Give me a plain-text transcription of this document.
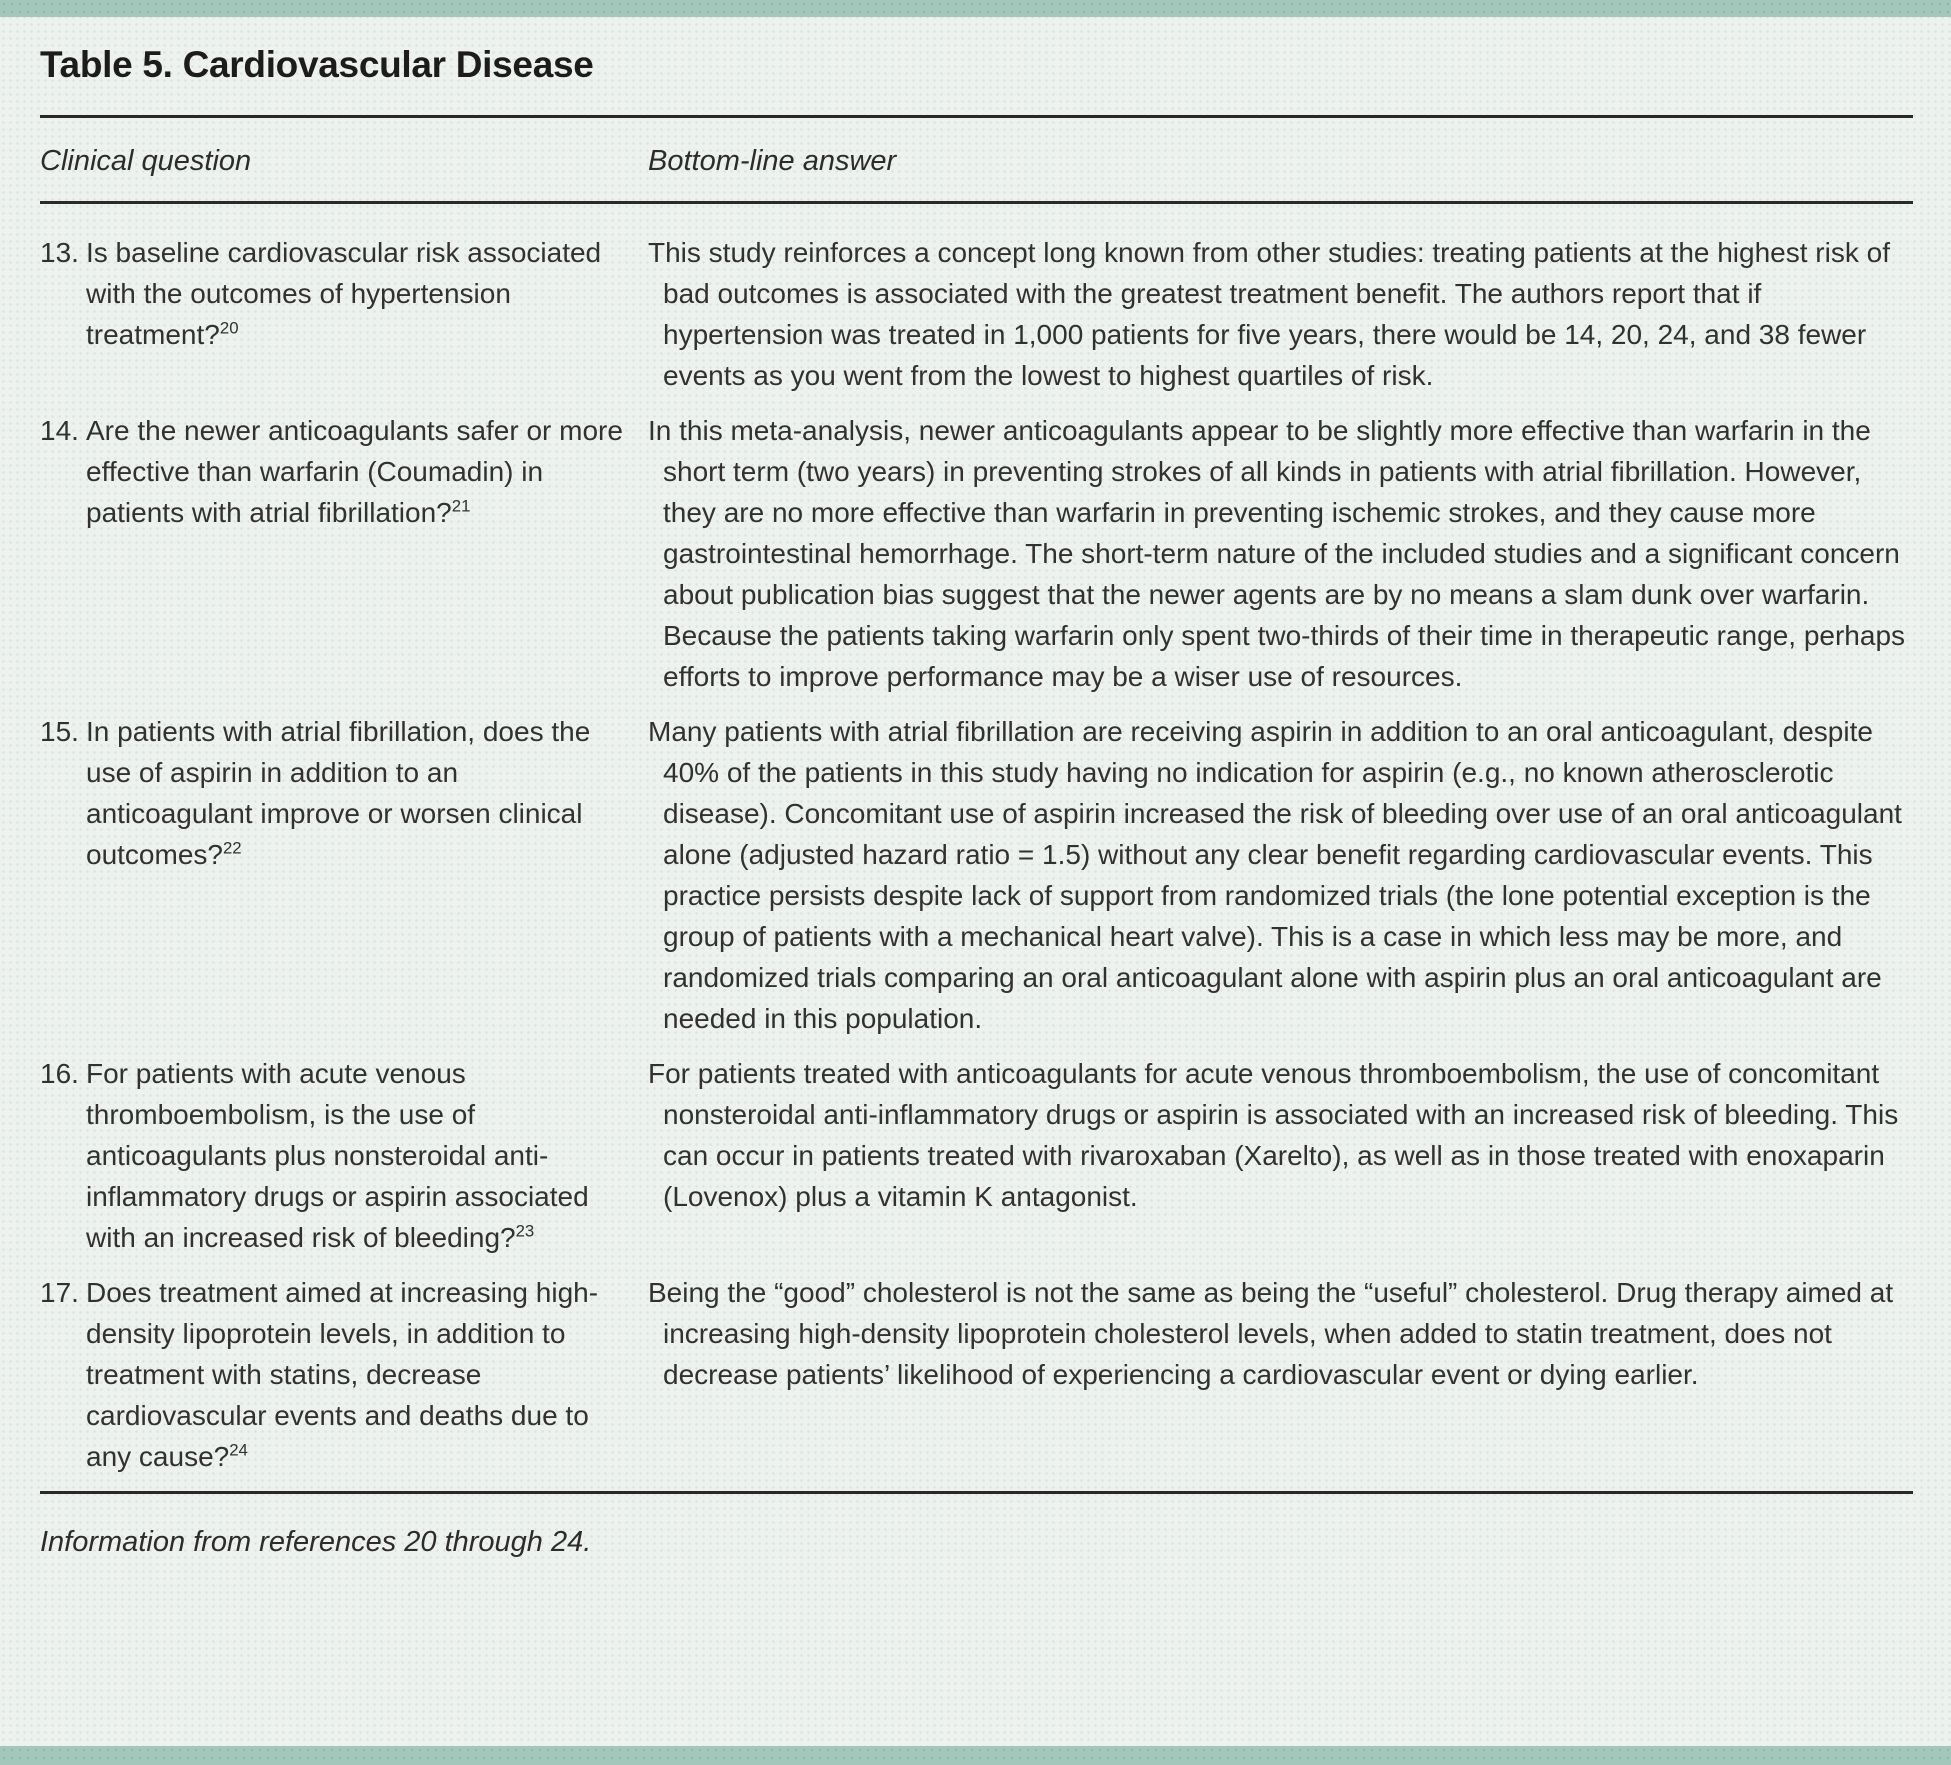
Table 5. Cardiovascular Disease
Clinical question	Bottom-line answer
13. Is baseline cardiovascular risk associated with the outcomes of hypertension treatment?$^{20}$
This study reinforces a concept long known from other studies: treating patients at the highest risk of bad outcomes is associated with the greatest treatment benefit. The authors report that if hypertension was treated in 1,000 patients for five years, there would be 14, 20, 24, and 38 fewer events as you went from the lowest to highest quartiles of risk.
14. Are the newer anticoagulants safer or more effective than warfarin (Coumadin) in patients with atrial fibrillation?$^{21}$
In this meta-analysis, newer anticoagulants appear to be slightly more effective than warfarin in the short term (two years) in preventing strokes of all kinds in patients with atrial fibrillation. However, they are no more effective than warfarin in preventing ischemic strokes, and they cause more gastrointestinal hemorrhage. The short-term nature of the included studies and a significant concern about publication bias suggest that the newer agents are by no means a slam dunk over warfarin. Because the patients taking warfarin only spent two-thirds of their time in therapeutic range, perhaps efforts to improve performance may be a wiser use of resources.
15. In patients with atrial fibrillation, does the use of aspirin in addition to an anticoagulant improve or worsen clinical outcomes?$^{22}$
Many patients with atrial fibrillation are receiving aspirin in addition to an oral anticoagulant, despite 40% of the patients in this study having no indication for aspirin (e.g., no known atherosclerotic disease). Concomitant use of aspirin increased the risk of bleeding over use of an oral anticoagulant alone (adjusted hazard ratio = 1.5) without any clear benefit regarding cardiovascular events. This practice persists despite lack of support from randomized trials (the lone potential exception is the group of patients with a mechanical heart valve). This is a case in which less may be more, and randomized trials comparing an oral anticoagulant alone with aspirin plus an oral anticoagulant are needed in this population.
16. For patients with acute venous thromboembolism, is the use of anticoagulants plus nonsteroidal anti-inflammatory drugs or aspirin associated with an increased risk of bleeding?$^{23}$
For patients treated with anticoagulants for acute venous thromboembolism, the use of concomitant nonsteroidal anti-inflammatory drugs or aspirin is associated with an increased risk of bleeding. This can occur in patients treated with rivaroxaban (Xarelto), as well as in those treated with enoxaparin (Lovenox) plus a vitamin K antagonist.
17. Does treatment aimed at increasing high-density lipoprotein levels, in addition to treatment with statins, decrease cardiovascular events and deaths due to any cause?$^{24}$
Being the “good” cholesterol is not the same as being the “useful” cholesterol. Drug therapy aimed at increasing high-density lipoprotein cholesterol levels, when added to statin treatment, does not decrease patients’ likelihood of experiencing a cardiovascular event or dying earlier.
Information from references 20 through 24.
